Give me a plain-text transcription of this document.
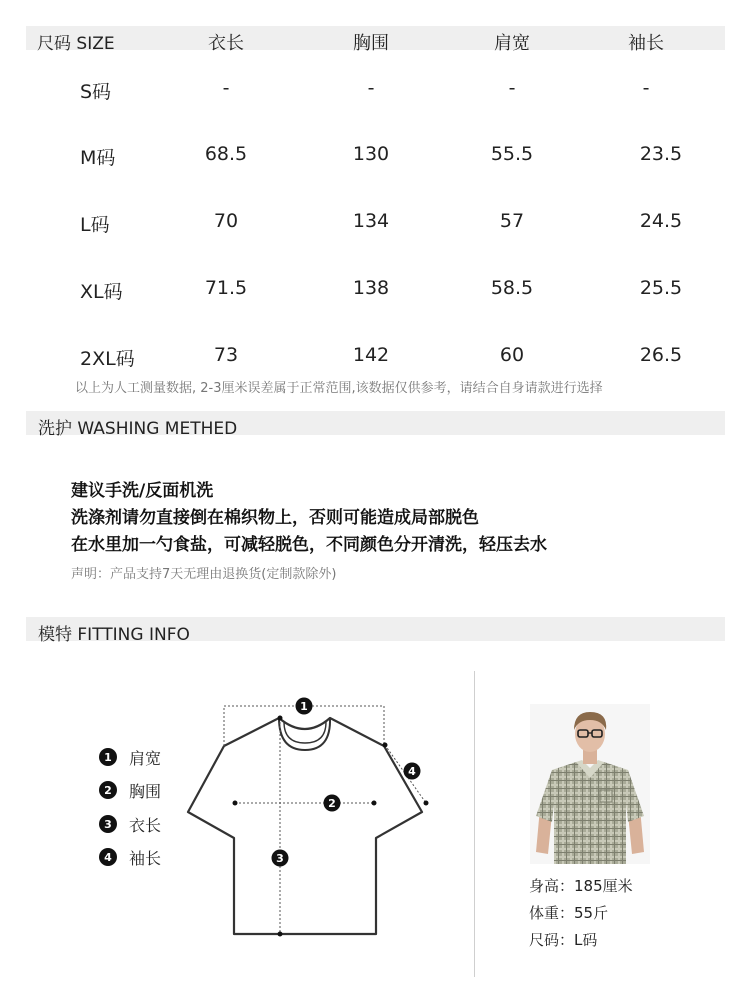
尺码 SIZE	衣长	胸围	肩宽	袖长
S码	-	-	-	-
M码	68.5	130	55.5	23.5
L码	70	134	57	24.5
XL码	71.5	138	58.5	25.5
2XL码	73	142	60	26.5
以上为人工测量数据, 2-3厘米误差属于正常范围,该数据仅供参考，请结合自身请款进行选择
洗护 WASHING METHED
建议手洗/反面机洗
洗涤剂请勿直接倒在棉织物上，否则可能造成局部脱色
在水里加一勺食盐，可减轻脱色，不同颜色分开清洗，轻压去水
声明：产品支持7天无理由退换货(定制款除外)
模特 FITTING INFO
1	肩宽
2	胸围
3	衣长
4	袖长
1
2
3
4
身高：185厘米
体重：55斤
尺码：L码
